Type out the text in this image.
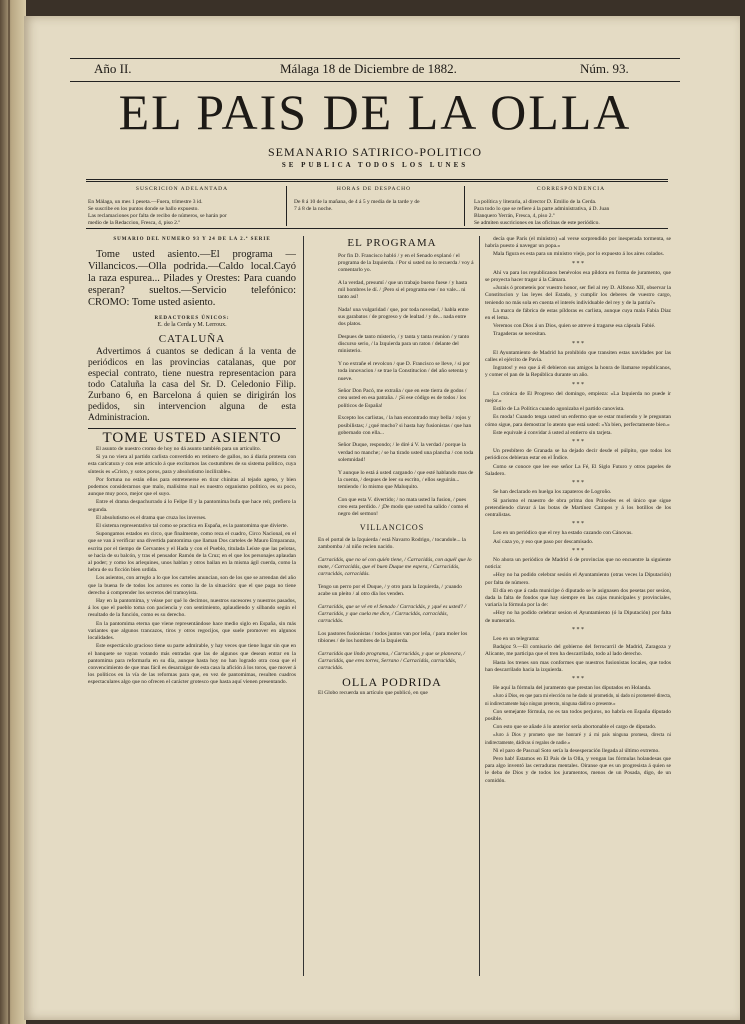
Año II.	Málaga 18 de Diciembre de 1882.	Núm. 93.
EL PAIS DE LA OLLA
SEMANARIO SATIRICO-POLITICO
SE PUBLICA TODOS LOS LUNES
SUSCRICION ADELANTADA
En Málaga, un mes 1 peseta.—Fuera, trimestre 3 id.
Se suscribe en los puntos donde se hallo expuesto.
Las reclamaciones por falta de recibo de números, se harán por
medio de la Redaccion, Fresca, 4, piso 2.º
HORAS DE DESPACHO
De 8 á 10 de la mañana, de 4 á 5 y media de la tarde y de
7 á 8 de la noche.
CORRESPONDENCIA
La política y literaria, al director D. Emilio de la Cerda.
Para todo lo que se refiere á la parte administrativa, á D. Juan
Blanquero Yerrán, Fresca, 4, piso 2.º
Se admiten suscriciones en las oficinas de este periódico.
SUMARIO DEL NÚMERO 93 Y 24 DE LA 2.ª SERIE
Tome usted asiento.—El programa —Villancicos.—Olla podrida.—Caldo local.Cayó la raza espurea... Pilades y Orestes: Para cuando esperan? sueltos.—Servicio telefónico: CROMO: Tome usted asiento.
REDACTORES ÚNICOS:
E. de la Cerda y M. Lerroux.
CATALUÑA
Advertimos á cuantos se dedican á la venta de periódicos en las provincias catalanas, que por especial contrato, tiene nuestra representacion para todo Cataluña la casa del Sr. D. Celedonio Filip. Zurbano 6, en Barcelona á quien se dirigirán los pedidos, sin intervencion alguna de esta Administracion.
TOME USTED ASIENTO

El asunto de nuestro cromo de hoy no dá asunto también para un articulito.

Si ya no viera al partido carlista convertido en retinero de gallos, no á diaria protesta con esta caricatura y con este articulo á que excitarnos las costumbres de su sistema politico, cuya síntesis es «Cristo, y sotos poros, para y absolutismo incilirable».

Por fortuna no están ellos para entretenerse en tirar chinitas al tejado ageno, y bien podemos considerarnos que malo, malísimo rual es nuestro organismo politico, es su poco, aunque muy poco, mejor que el suyo.

Entre el drama despachurrado á lo Felipe II y la pantomima bufa que hace reír, prefiero la segunda.

El absolutismo es el drama que cruza los inverses.

El sistema representativo tal como se practica en España, es la pantomima que divierte.

Supongamos estados en circo, que finalmente, como reza el cuadro, Circo Nacional, en el que se van á verificar una divertida pantomima que llaman Dos carteles de Mauro Emparanza, escrita por el tiempo de Cervantes y el Hada y con el Pueblo, titulada Leíste que las pelotas, se hacia de su balcón, y tras el pensador Ramón de la Cruz; en el que los personajes aplaudan al poder; y como los arlequines, unos hablan y otros bailan en la misma ágil cuerda, como la hebra de su ficción bien urdida.

Los asientos, con arreglo a lo que los carteles anuncian, son de los que se arrendan del año que la buena fe de todos los actores es como la de la situación: que el que paga no tiene derecho á comprender los secretos del tramoyista.

Hay en la pantomima, y véase por qué lo decimos, nuestros sucesores y nuestros pasados, á los que el pueblo toma con paciencia y con sentimiento, aplaudiendo y silbando según el resultado de la función, como es su derecho.

En la pantomima eterna que viene representándose hace medio siglo en España, sin más variantes que algunos trancazos, tiros y otros regocijos, que suele promover en algunos localidades.

Este espectáculo gracioso tiene su parte admirable, y hay veces que tiene lugar sin que en el banquete se vayan votando más entradas que las de algunos que desean entrar en la pantomima para reformarla en su día, aunque hasta hoy no han logrado otra cosa que el convencimiento de que mas fácil es desarraigar de esta casa la afición á los toros, que mover á los políticos en la vía de las reformas para que, en vez de pantomimas, resulten cuadros espectaculares algo que no ofrecen el carácter grotesco que hasta aquí vienen presentando.

EL PROGRAMA

Por fin D. Francisco habló / y en el Senado explanó / el programa de la Izquierda. / Por si usted no lo recuerda / voy á comentarlo yo.

A la verdad, presumí / que un trabajo bueno fuese / y hasta mil hombres le dí. / ¡Pero si el programa ese / no vale... ni tanto así!

Nada! una vulgaridad / que, por toda novedad, / habla entre sus garabatos / de progreso y de lealtad / y de... nada entre dos platos.

Despues de tanto misterio, / y tanta y tanta reunion / y tanto discurso serio, / la Izquierda para un raton / delante del ministerio.

Y no extrañe el revolcon / que D. Francisco se lleve, / si por toda innovacion / se trae la Constitucion / del año setenta y nueve.

Señor Don Pacó, me extraña / que en este tierra de godos / crea usted en esa patraña. / ¡Si ese código es de todos / los políticos de España!

Excepto los carlistas, / la han encontrado muy bella / rojos y posibilistas; / ¿qué mucho? si hasta hay fusionistas / que han gobernado con ella...

Señor Duque, respondo; / le diré á V. la verdad / porque la verdad no manche; / se ha tirado usted una plancha / con toda solemnidad!

Y aunque lo está á usted cargando / que esté hablando mas de la cuenta, / despues de leer su escrito, / ellos seguirán... temiendo / lo mismo que Maluquito.

Con que esta V. divertido; / no mata usted la fusion, / pues creo esta perdido. / ¡De modo que usted ha salido / como el negro del sermon!

VILLANCICOS

En el portal de la Izquierda / está Navarro Rodrigo, / tocandole... la zambomba / al niño recien nacido.

Carracidás, que no sé con quién tiene, / Carracidás, con aquél que lo mate, / Carracidás, que el buen Duque me espera, / Carracidás, carracidás, carracidás.

Tengo un perro por el Duque, / y otro para la Izquierda, / ¡cuando acabe un pleito / al otro día los venden.

Carracidás, que se vé en el Senado / Carracidás, y ¡qué es usted? / Carracidás, y que cuela me dice, / Carracidás, carracidás, carracidás.

Los pastores fusionistas / todos juntos van por leña, / para moler los tibiones / de los hombres de la Izquierda.

Carracidás que lindo programa, / Carracidás, y que se planeara, / Carracidás, que eres torres, Serrano / Carracidás, carracidás, carracidás.

OLLA PODRIDA

El Globo recuerda un artículo que publicó, en que

decía que París (el ministro) «al verse sorprendido por inesperada tormenta, se habría puesto á navegar un popa.»

Mala figura es esta para un ministro viejo, por lo expuesto á los aires colados.

* * *

Ahí va para los republicanos benévolos esa píldora en forma de juramento, que se proyecta hacer tragar á la Cámara.

«Jurais ó prometeis por vuestro honor, ser fiel al rey D. Alfonso XII, observar la Constitucion y las leyes del Estado, y cumplir los deberes de vuestro cargo, teniendo no más sola en cuenta el interés individuable del rey y de la patria?»

La marca de fábrica de estas píldoras es carlista, aunque cuya mala Fabia Diaz en el lema.

Veremos con Dios á un Dios, quien se atreve á tragarse esa cápsula Fabié.

Tragaderas se necesitan.

* * *

El Ayuntamiento de Madrid ha prohibido que transiten estas navidades por las calles el ejército de Pavía.

Ingratos! y eso que á él debieron sus amigos la honra de llamarse republicanos, y comer el pan de la República durante un año.

* * *

La crónica de El Progreso del domingo, empieza: «La Izquierda no puede ir mejor.»

Estilo de La Política cuando agonizaba el partido canovista.

Es moda! Cuando tenga usted un enfermo que se estar muriendo y le preguntan cómo sigue, para demostrar lo atento que está usted: «Ya bien, perfectamente bien.»

Este equivale á convidar á usted al entierro sin tarjeta.

* * *

Un presbítero de Granada se ha dejado decir desde el púlpito, que todos los periódicos debieran estar en el Índice.

Como se conoce que lee ese señor La Fé, El Siglo Futuro y otros papeles de Saladero.

* * *

Se han declarado en huelga los zapateros de Logroño.

Si parismo el maestro de obra prima don Práxedes es el único que sigue pretendiendo clavar á las botas de Martínez Campos y á los botillos de los centralistas.

* * *

Leo en un periódico que el rey ha estado cazando con Cánovas.

Así caza yo, y eso que paso por descamisado.

* * *

No ahora un periódico de Madrid ó de provincias que no encuentre la siguiente noticia:

«Hoy no ha podido celebrar sesión el Ayuntamiento (otras veces la Diputación) por falta de número.

El día en que á cada municipe ó diputado se le asignasen dos pesetas por sesion, dada la falta de fondos que hay siempre en las cajas municipales y provinciales, variaría la fórmula por la de:

«Hoy no ha podido celebrar sesion el Ayuntamiento (ó la Diputación) por falta de numerario.

* * *

Leo en un telegrama:

Badajoz 9.—El comisario del gobierno del ferrocarril de Madrid, Zaragoza y Alicante, me participa que el tren ha descarrilado, todo al lado derecho.

Hasta los trenes son mas conformes que nuestros fusionistas locales, que todos han descarrilado hacia la izquierda.

* * *

He aquí la fórmula del juramento que prestan los diputados en Holanda.

«Juro á Dios, en que para mi elección no he dado ni prometido, ni dado ni prometeré directa, ni indirectamente bajo ningun pretexto, ninguna dádiva o presente.»

Con semejante fórmula, no es tan todos perjuros, no habría en España diputado posible.

Con esto que se añade á lo anterior sería abortonable el cargo de diputado.

«Juro á Dios y prometo que me honraré y á mi país ninguna promesa, directa ni indirectamente, dádivas ó regalos de nadie.»

Ni el paro de Pascual Soto sería la desesperación llegada al último extremo.

Pero hab! Estamos en El País de la Olla, y vengan las fórmulas holandesas que para algo inventó las cerraduras mentales. Oiranse que es un progresista á quien se le deba de Dios y de todos los juramentos, menos de un Posada, digo, de un comidón.
